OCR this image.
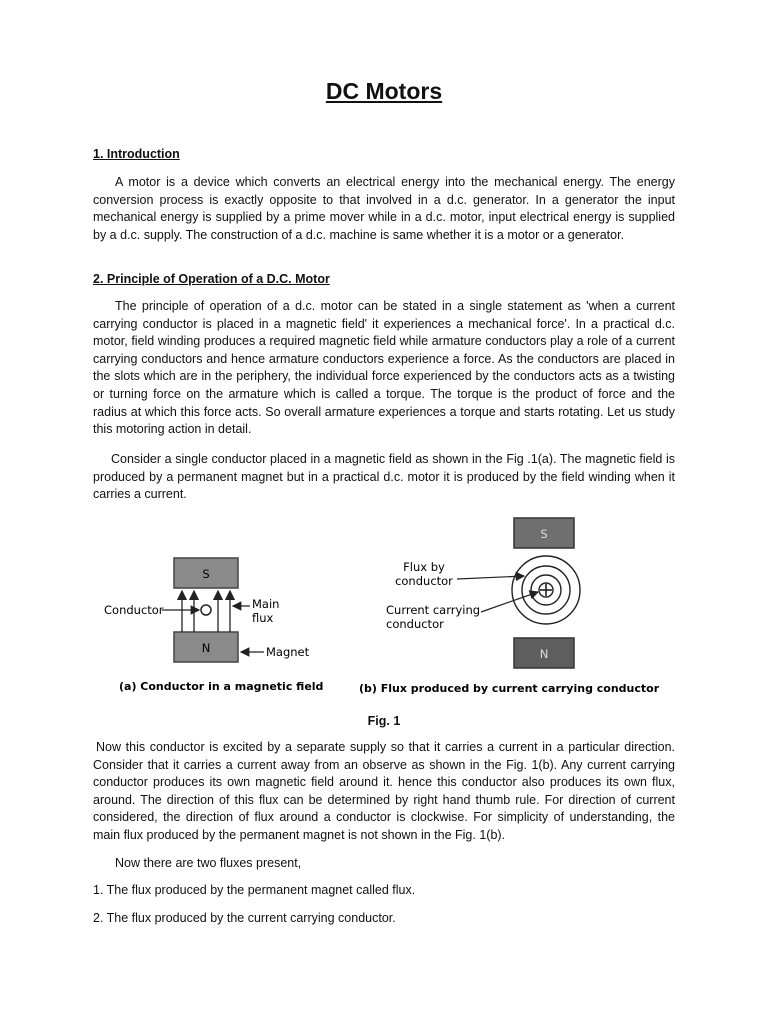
DC Motors
1. Introduction

A motor is a device which converts an electrical energy into the mechanical energy. The energy conversion process is exactly opposite to that involved in a d.c. generator. In a generator the input mechanical energy is supplied by a prime mover while in a d.c. motor, input electrical energy is supplied by a d.c. supply. The construction of a d.c. machine is same whether it is a motor or a generator.

2. Principle of Operation of a D.C. Motor

The principle of operation of a d.c. motor can be stated in a single statement as 'when a current carrying conductor is placed in a magnetic field' it experiences a mechanical force'. In a practical d.c. motor, field winding produces a required magnetic field while armature conductors play a role of a current carrying conductors and hence armature conductors experience a force. As the conductors are placed in the slots which are in the periphery, the individual force experienced by the conductors acts as a twisting or turning force on the armature which is called a torque. The torque is the product of force and the radius at which this force acts. So overall armature experiences a torque and starts rotating. Let us study this motoring action in detail.

Consider a single conductor placed in a magnetic field as shown in the Fig .1(a). The magnetic field is produced by a permanent magnet but in a practical d.c. motor it is produced by the field winding when it carries a current.

S
N
Conductor	Main
flux
Magnet
(a) Conductor in a magnetic field
S
N
Flux by
conductor
Current carrying
conductor
(b) Flux produced by current carrying conductor
Fig. 1

Now this conductor is excited by a separate supply so that it carries a current in a particular direction. Consider that it carries a current away from an observe as shown in the Fig. 1(b). Any current carrying conductor produces its own magnetic field around it. hence this conductor also produces its own flux, around. The direction of this flux can be determined by right hand thumb rule. For direction of current considered, the direction of flux around a conductor is clockwise. For simplicity of understanding, the main flux produced by the permanent magnet is not shown in the Fig. 1(b).

Now there are two fluxes present,
1. The flux produced by the permanent magnet called flux.
2. The flux produced by the current carrying conductor.
